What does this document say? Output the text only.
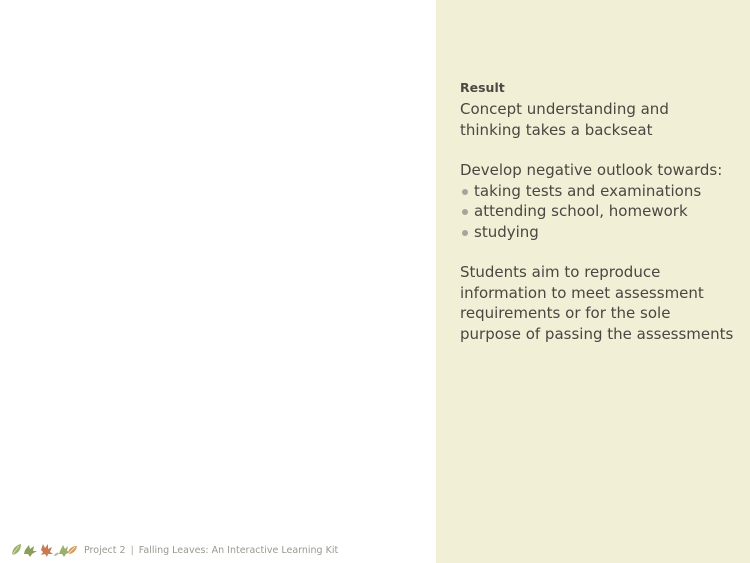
Result

Concept understanding and

thinking takes a backseat

Develop negative outlook towards:

taking tests and examinations
attending school, homework
studying

Students aim to reproduce

information to meet assessment

requirements or for the sole

purpose of passing the assessments

Project 2 | Falling Leaves: An Interactive Learning Kit
